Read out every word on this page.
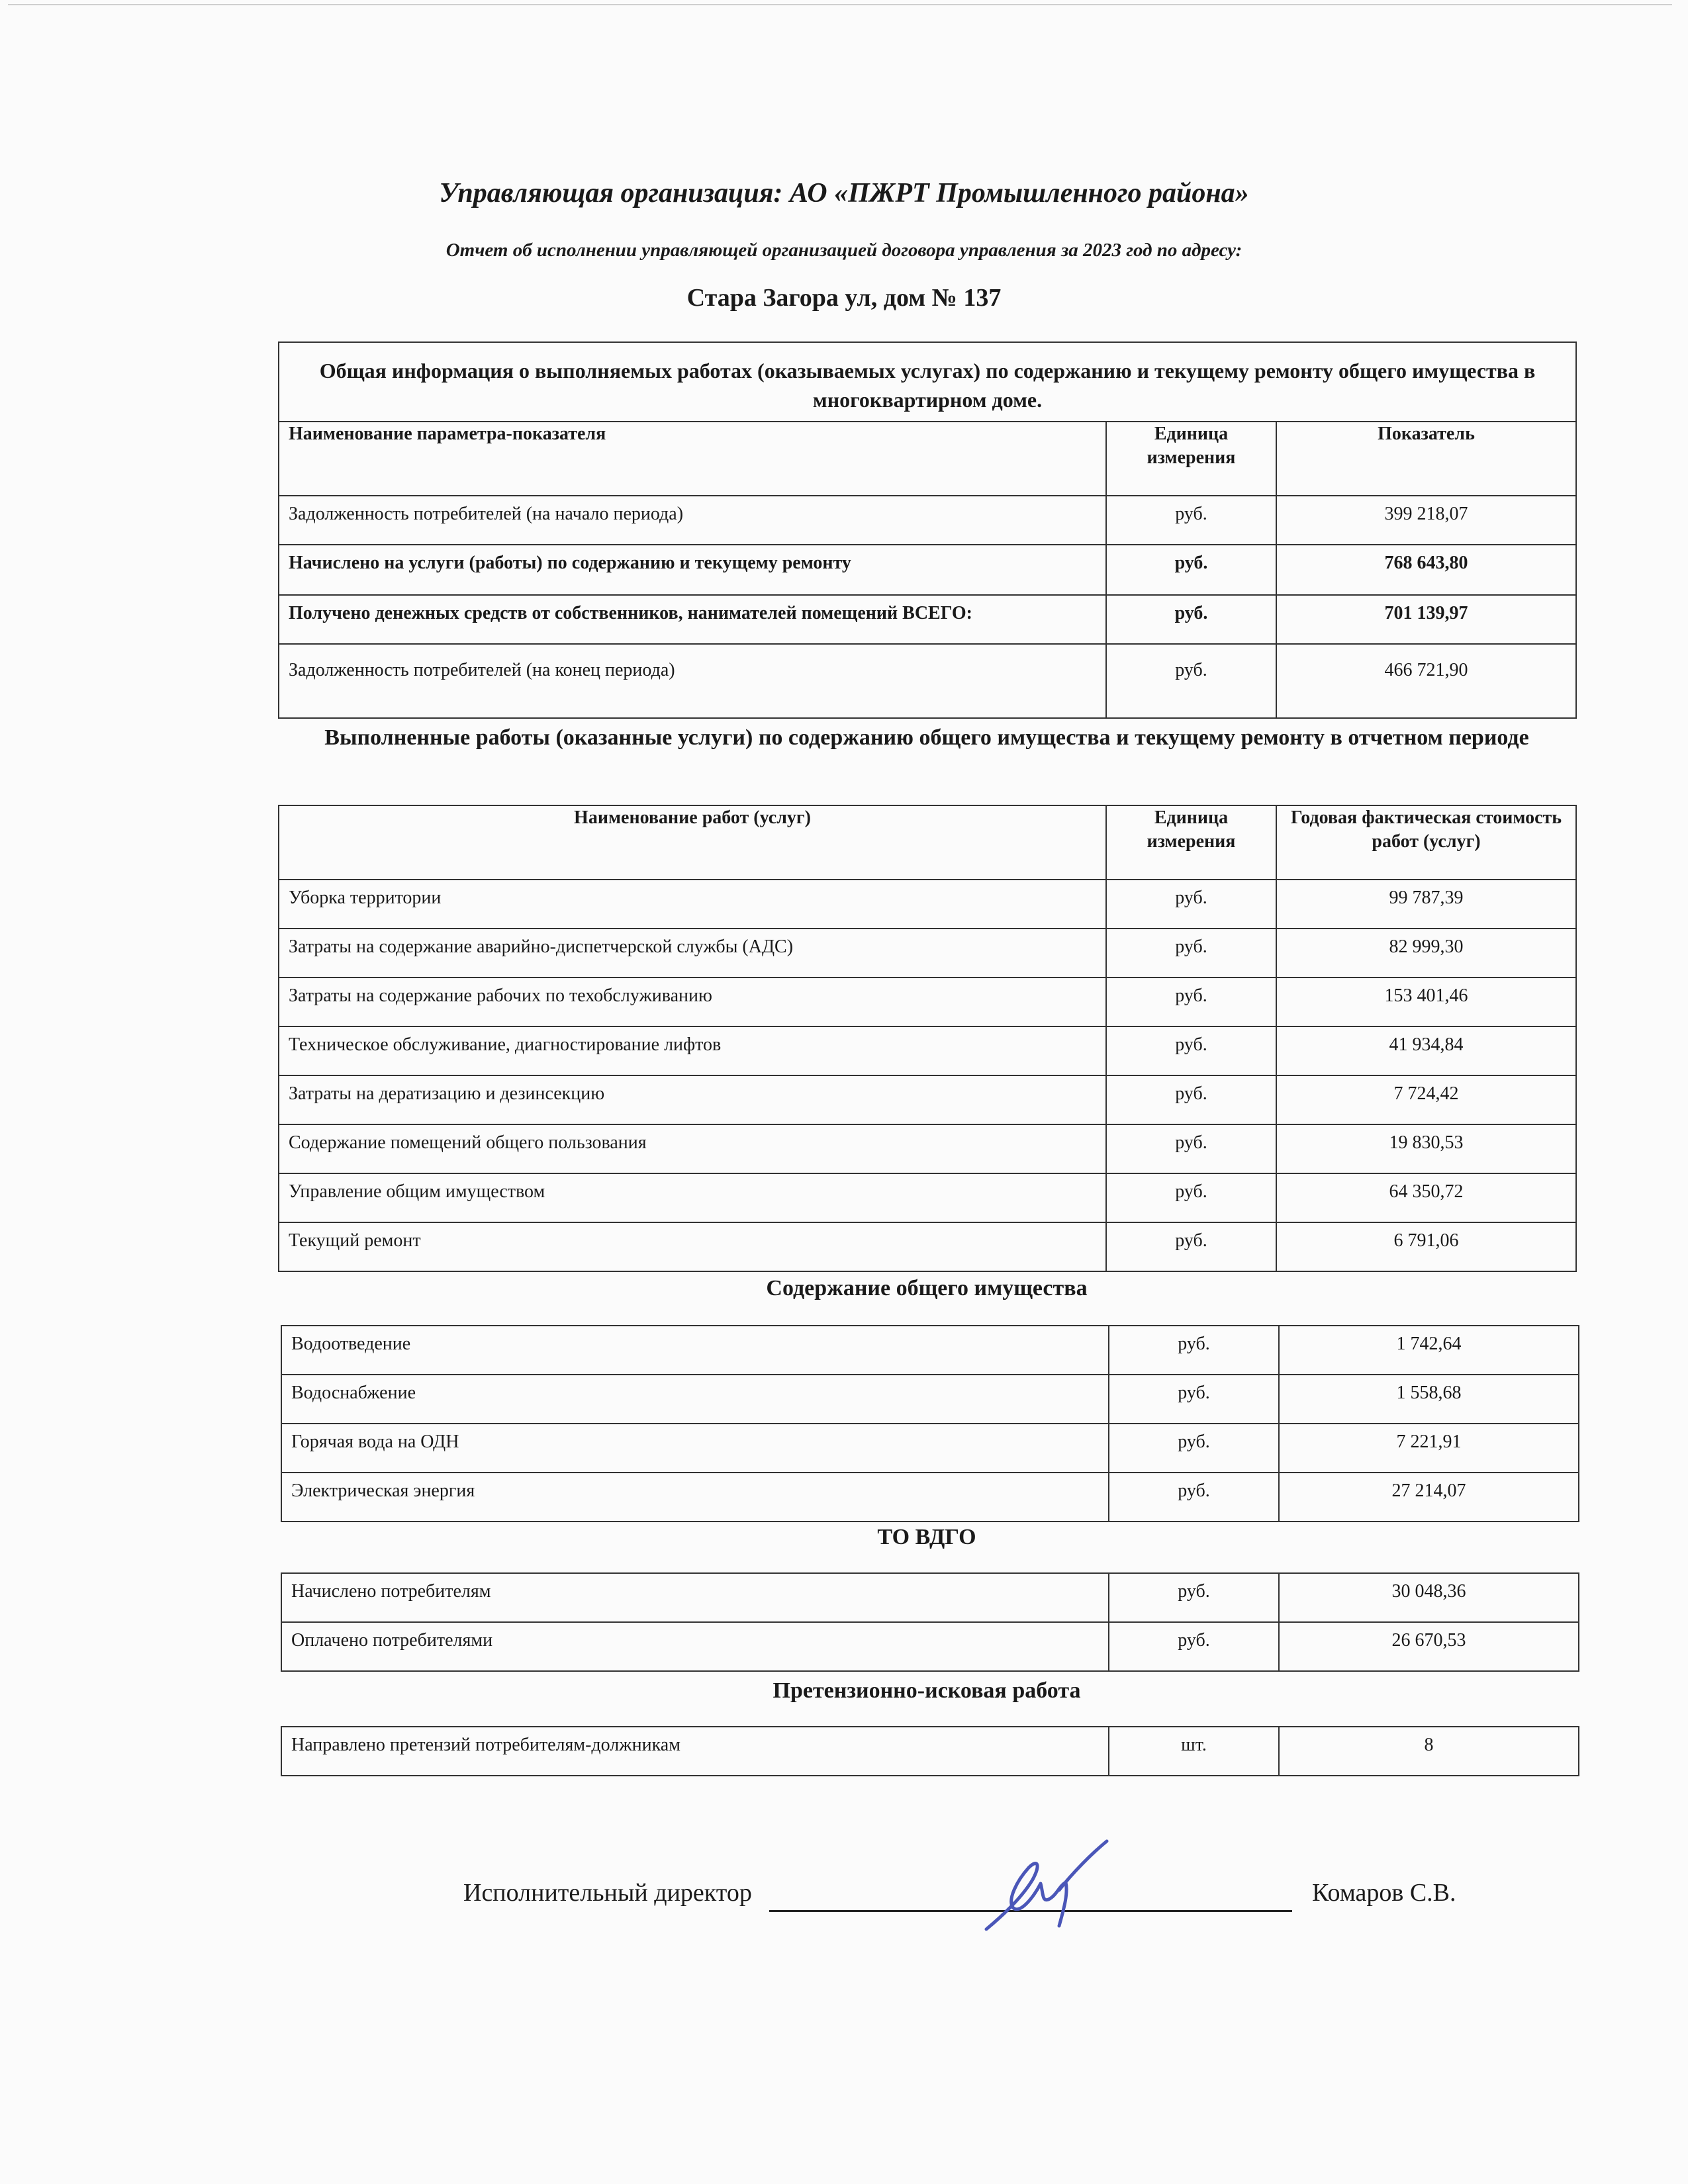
Управляющая организация: АО «ПЖРТ Промышленного района»
Отчет об исполнении управляющей организацией договора управления за 2023 год по адресу:
Стара Загора ул, дом № 137
Общая информация о выполняемых работах (оказываемых услугах) по содержанию и текущему ремонту общего имущества в многоквартирном доме.		
Наименование параметра-показателя	Единица измерения	Показатель
Задолженность потребителей (на начало периода)	руб.	399 218,07
Начислено на услуги (работы) по содержанию и текущему ремонту	руб.	768 643,80
Получено денежных средств от собственников, нанимателей помещений ВСЕГО:	руб.	701 139,97
Задолженность потребителей (на конец периода)	руб.	466 721,90
Выполненные работы (оказанные услуги) по содержанию общего имущества и текущему ремонту в отчетном периоде
Наименование работ (услуг)	Единица измерения	Годовая фактическая стоимость работ (услуг)
Уборка территории	руб.	99 787,39
Затраты на содержание аварийно-диспетчерской службы (АДС)	руб.	82 999,30
Затраты на содержание рабочих по техобслуживанию	руб.	153 401,46
Техническое обслуживание, диагностирование лифтов	руб.	41 934,84
Затраты на дератизацию и дезинсекцию	руб.	7 724,42
Содержание помещений общего пользования	руб.	19 830,53
Управление общим имуществом	руб.	64 350,72
Текущий ремонт	руб.	6 791,06
Содержание общего имущества
Водоотведение	руб.	1 742,64
Водоснабжение	руб.	1 558,68
Горячая вода на ОДН	руб.	7 221,91
Электрическая энергия	руб.	27 214,07
ТО ВДГО
Начислено потребителям	руб.	30 048,36
Оплачено потребителями	руб.	26 670,53
Претензионно-исковая работа
Направлено претензий потребителям-должникам	шт.	8
Исполнительный директор	Комаров С.В.
